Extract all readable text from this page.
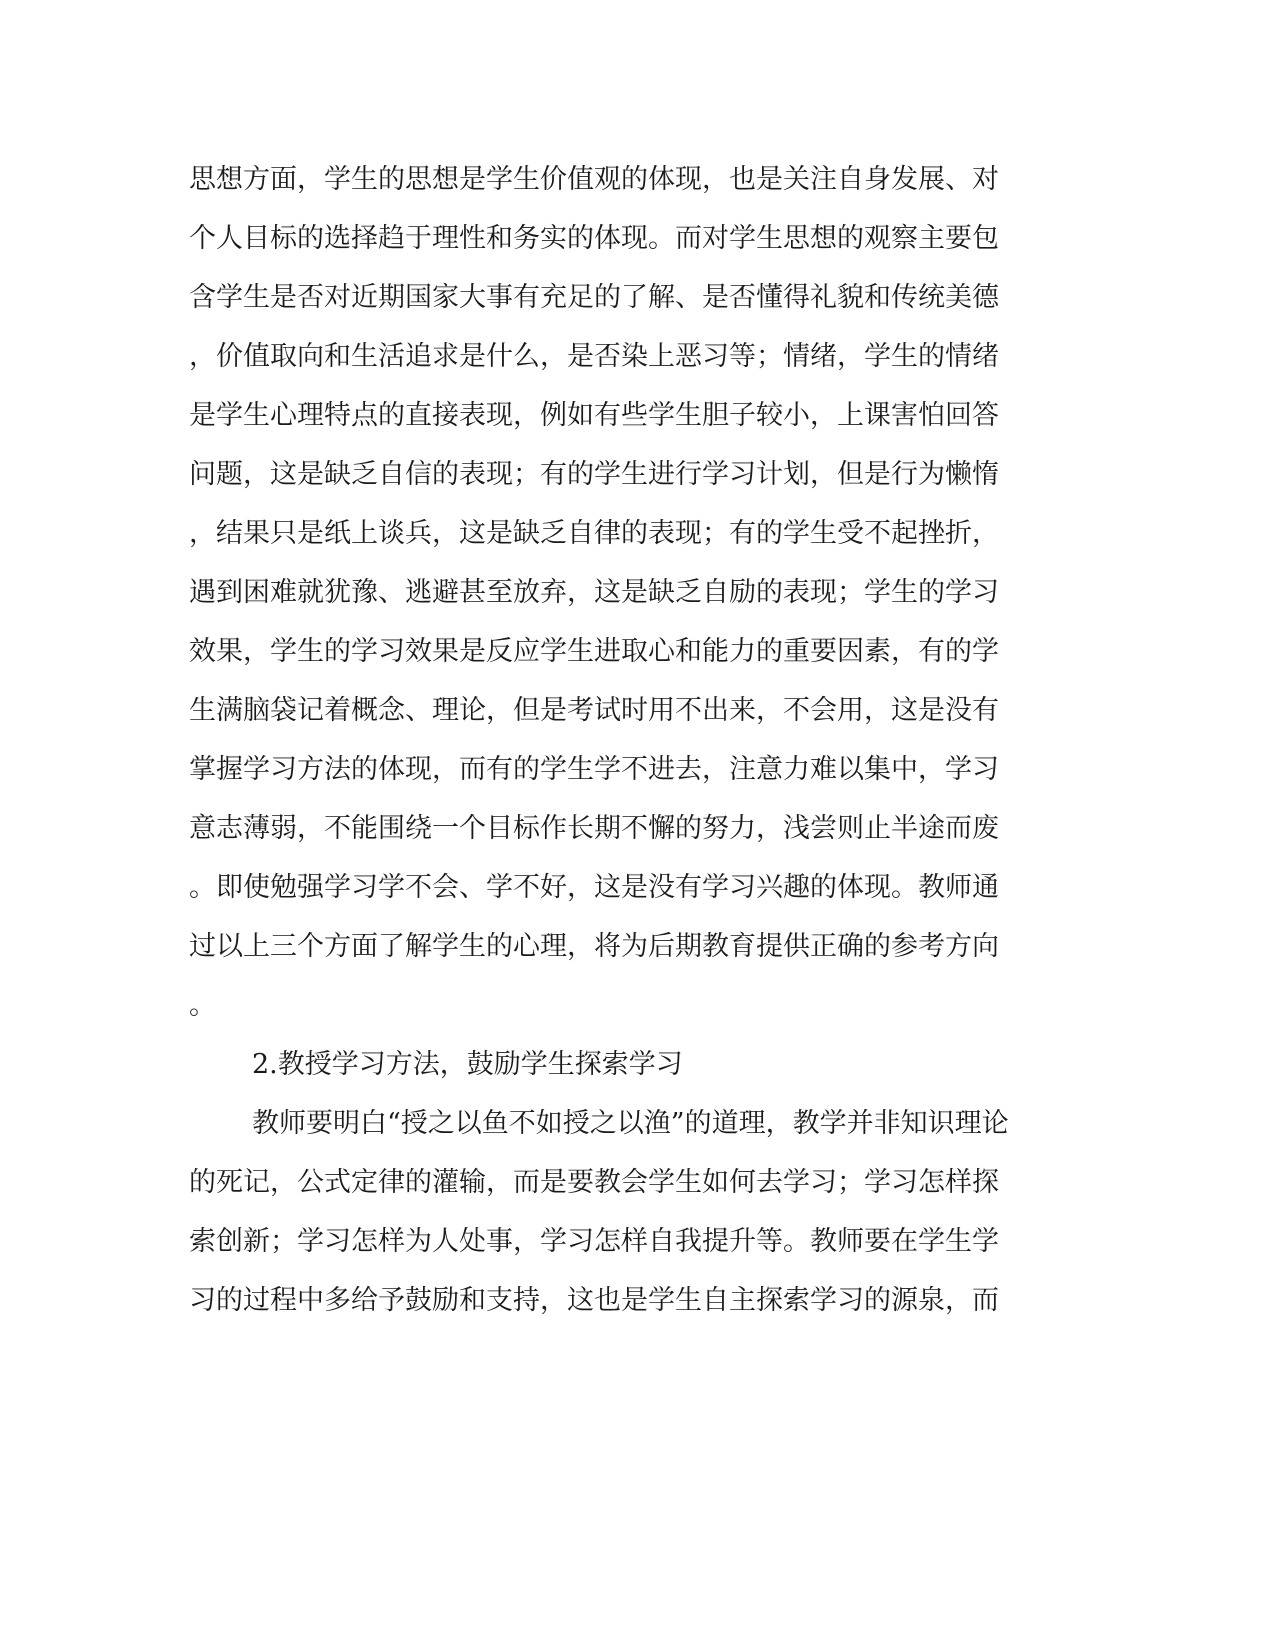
思想方面，学生的思想是学生价值观的体现，也是关注自身发展、对

个人目标的选择趋于理性和务实的体现。而对学生思想的观察主要包

含学生是否对近期国家大事有充足的了解、是否懂得礼貌和传统美德

，价值取向和生活追求是什么，是否染上恶习等；情绪，学生的情绪

是学生心理特点的直接表现，例如有些学生胆子较小，上课害怕回答

问题，这是缺乏自信的表现；有的学生进行学习计划，但是行为懒惰

，结果只是纸上谈兵，这是缺乏自律的表现；有的学生受不起挫折，

遇到困难就犹豫、逃避甚至放弃，这是缺乏自励的表现；学生的学习

效果，学生的学习效果是反应学生进取心和能力的重要因素，有的学

生满脑袋记着概念、理论，但是考试时用不出来，不会用，这是没有

掌握学习方法的体现，而有的学生学不进去，注意力难以集中，学习

意志薄弱，不能围绕一个目标作长期不懈的努力，浅尝则止半途而废

。即使勉强学习学不会、学不好，这是没有学习兴趣的体现。教师通

过以上三个方面了解学生的心理，将为后期教育提供正确的参考方向

。

2.教授学习方法，鼓励学生探索学习

教师要明白“授之以鱼不如授之以渔”的道理，教学并非知识理论

的死记，公式定律的灌输，而是要教会学生如何去学习；学习怎样探

索创新；学习怎样为人处事，学习怎样自我提升等。教师要在学生学

习的过程中多给予鼓励和支持，这也是学生自主探索学习的源泉，而
